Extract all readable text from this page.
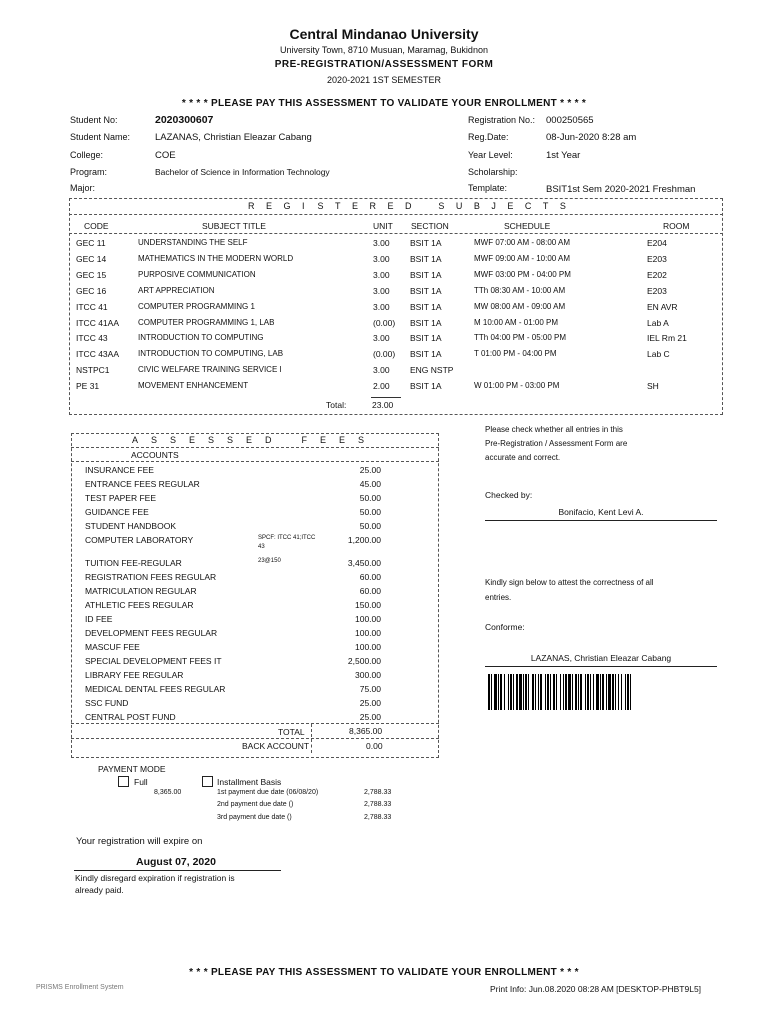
Central Mindanao University
University Town, 8710 Musuan, Maramag, Bukidnon
PRE-REGISTRATION/ASSESSMENT FORM
2020-2021 1ST SEMESTER
* * * * PLEASE PAY THIS ASSESSMENT TO VALIDATE YOUR ENROLLMENT * * * *
Student No:	2020300607
Student Name:	LAZANAS, Christian Eleazar Cabang
College:	COE
Program:	Bachelor of Science in Information Technology
Major:
Registration No.: 000250565
Reg.Date:	08-Jun-2020 8:28 am
Year Level:	1st Year
Scholarship:
Template:	BSIT1st Sem 2020-2021 Freshman
R E G I S T E R E D	S U B J E C T S
CODE	SUBJECT TITLE	UNIT SECTION	SCHEDULE	ROOM
GEC 11	UNDERSTANDING THE SELF	3.00 BSIT 1A	MWF 07:00 AM - 08:00 AM	E204
GEC 14	MATHEMATICS IN THE MODERN WORLD	3.00 BSIT 1A	MWF 09:00 AM - 10:00 AM	E203
GEC 15	PURPOSIVE COMMUNICATION	3.00 BSIT 1A	MWF 03:00 PM - 04:00 PM	E202
GEC 16	ART APPRECIATION	3.00 BSIT 1A	TTh 08:30 AM - 10:00 AM	E203
ITCC 41	COMPUTER PROGRAMMING 1	3.00 BSIT 1A	MW 08:00 AM - 09:00 AM	EN AVR
ITCC 41AA COMPUTER PROGRAMMING 1, LAB	(0.00) BSIT 1A	M 10:00 AM - 01:00 PM	Lab A
ITCC 43	INTRODUCTION TO COMPUTING	3.00 BSIT 1A	TTh 04:00 PM - 05:00 PM	IEL Rm 21
ITCC 43AA INTRODUCTION TO COMPUTING, LAB	(0.00) BSIT 1A	T 01:00 PM - 04:00 PM	Lab C
NSTPC1	CIVIC WELFARE TRAINING SERVICE I	3.00 ENG NSTP
PE 31	MOVEMENT ENHANCEMENT	2.00 BSIT 1A	W 01:00 PM - 03:00 PM	SH
Total:	23.00
A S S E S S E D	F E E S
ACCOUNTS
INSURANCE FEE	25.00
ENTRANCE FEES REGULAR	45.00
TEST PAPER FEE	50.00
GUIDANCE FEE	50.00
STUDENT HANDBOOK	50.00
COMPUTER LABORATORY	SPCF: ITCC 41;ITCC 43
1,200.00
TUITION FEE-REGULAR	23@150	3,450.00
REGISTRATION FEES REGULAR	60.00
MATRICULATION REGULAR	60.00
ATHLETIC FEES REGULAR	150.00
ID FEE	100.00
DEVELOPMENT FEES REGULAR	100.00
MASCUF FEE	100.00
SPECIAL DEVELOPMENT FEES IT	2,500.00
LIBRARY FEE REGULAR	300.00
MEDICAL DENTAL FEES REGULAR	75.00
SSC FUND	25.00
CENTRAL POST FUND	25.00
TOTAL	8,365.00
BACK ACCOUNT	0.00
PAYMENT MODE
Full
8,365.00
Installment Basis
1st payment due date (06/08/20)	2,788.33
2nd payment due date ()	2,788.33
3rd payment due date ()	2,788.33
Your registration will expire on
August 07, 2020
Kindly disregard expiration if registration is
already paid.
Please check whether all entries in this
Pre-Registration / Assessment Form are
accurate and correct.
Checked by:
Bonifacio, Kent Levi A.
Kindly sign below to attest the correctness of all
entries.
Conforme:
LAZANAS, Christian Eleazar Cabang
* * * PLEASE PAY THIS ASSESSMENT TO VALIDATE YOUR ENROLLMENT * * *
PRISMS Enrollment System	Print Info: Jun.08.2020 08:28 AM [DESKTOP-PHBT9L5]
